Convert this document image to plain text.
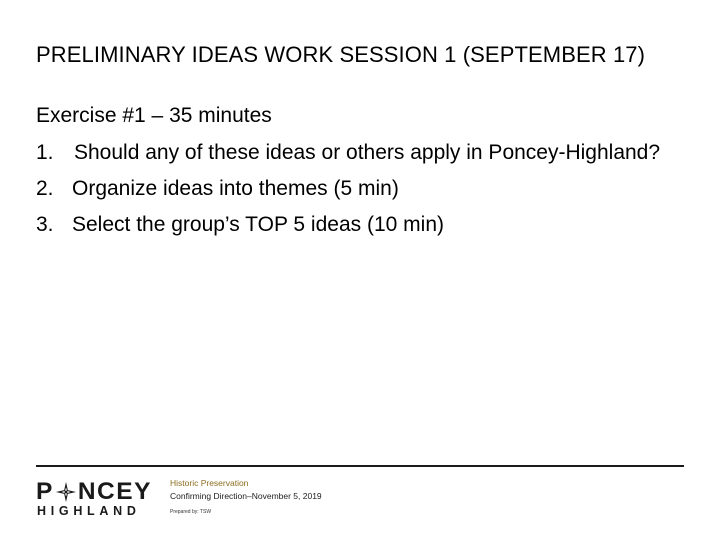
PRELIMINARY IDEAS WORK SESSION 1 (SEPTEMBER 17)
Exercise #1 – 35 minutes
1. Should any of these ideas or others apply in Poncey-Highland?
2. Organize ideas into themes (5 min)
3. Select the group’s TOP 5 ideas (10 min)
P NCEY
HIGHLAND
Historic Preservation
Confirming Direction–November 5, 2019
Prepared by: TSW
